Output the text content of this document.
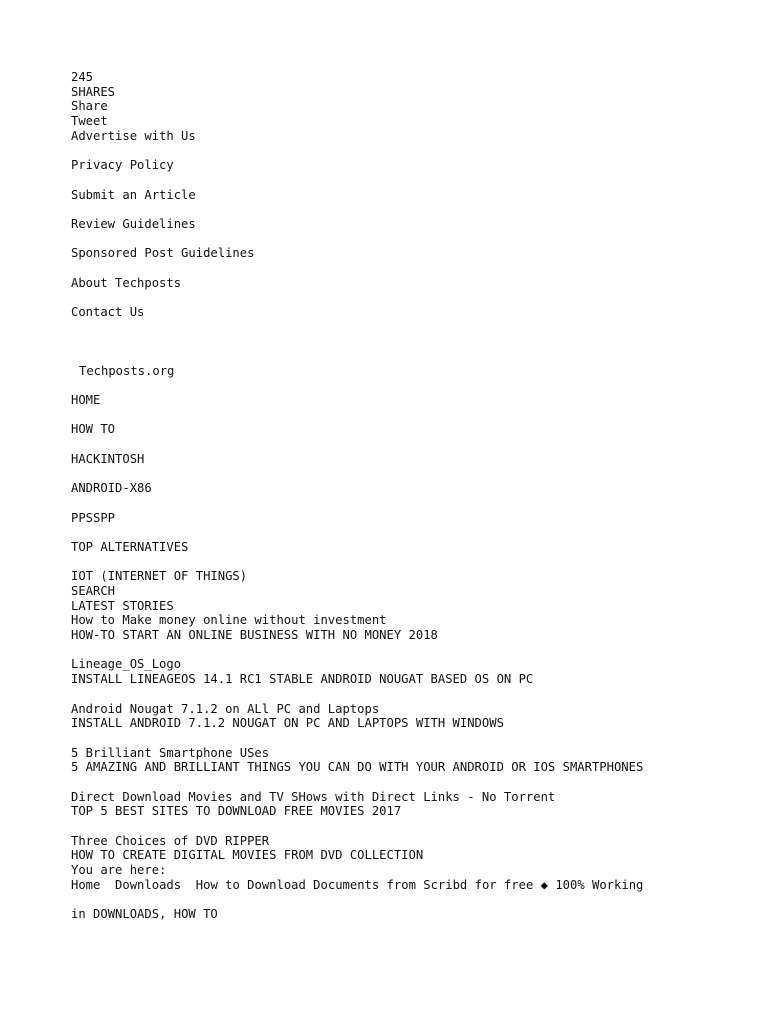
245
SHARES
Share
Tweet
Advertise with Us
Privacy Policy
Submit an Article
Review Guidelines
Sponsored Post Guidelines
About Techposts
Contact Us
Techposts.org
HOME
HOW TO
HACKINTOSH
ANDROID-X86
PPSSPP
TOP ALTERNATIVES
IOT (INTERNET OF THINGS)
SEARCH
LATEST STORIES
How to Make money online without investment
HOW-TO START AN ONLINE BUSINESS WITH NO MONEY 2018
Lineage_OS_Logo
INSTALL LINEAGEOS 14.1 RC1 STABLE ANDROID NOUGAT BASED OS ON PC
Android Nougat 7.1.2 on ALl PC and Laptops
INSTALL ANDROID 7.1.2 NOUGAT ON PC AND LAPTOPS WITH WINDOWS
5 Brilliant Smartphone USes
5 AMAZING AND BRILLIANT THINGS YOU CAN DO WITH YOUR ANDROID OR IOS SMARTPHONES
Direct Download Movies and TV SHows with Direct Links - No Torrent
TOP 5 BEST SITES TO DOWNLOAD FREE MOVIES 2017
Three Choices of DVD RIPPER
HOW TO CREATE DIGITAL MOVIES FROM DVD COLLECTION
You are here:
Home Downloads How to Download Documents from Scribd for free ◆ 100% Working
in DOWNLOADS, HOW TO
